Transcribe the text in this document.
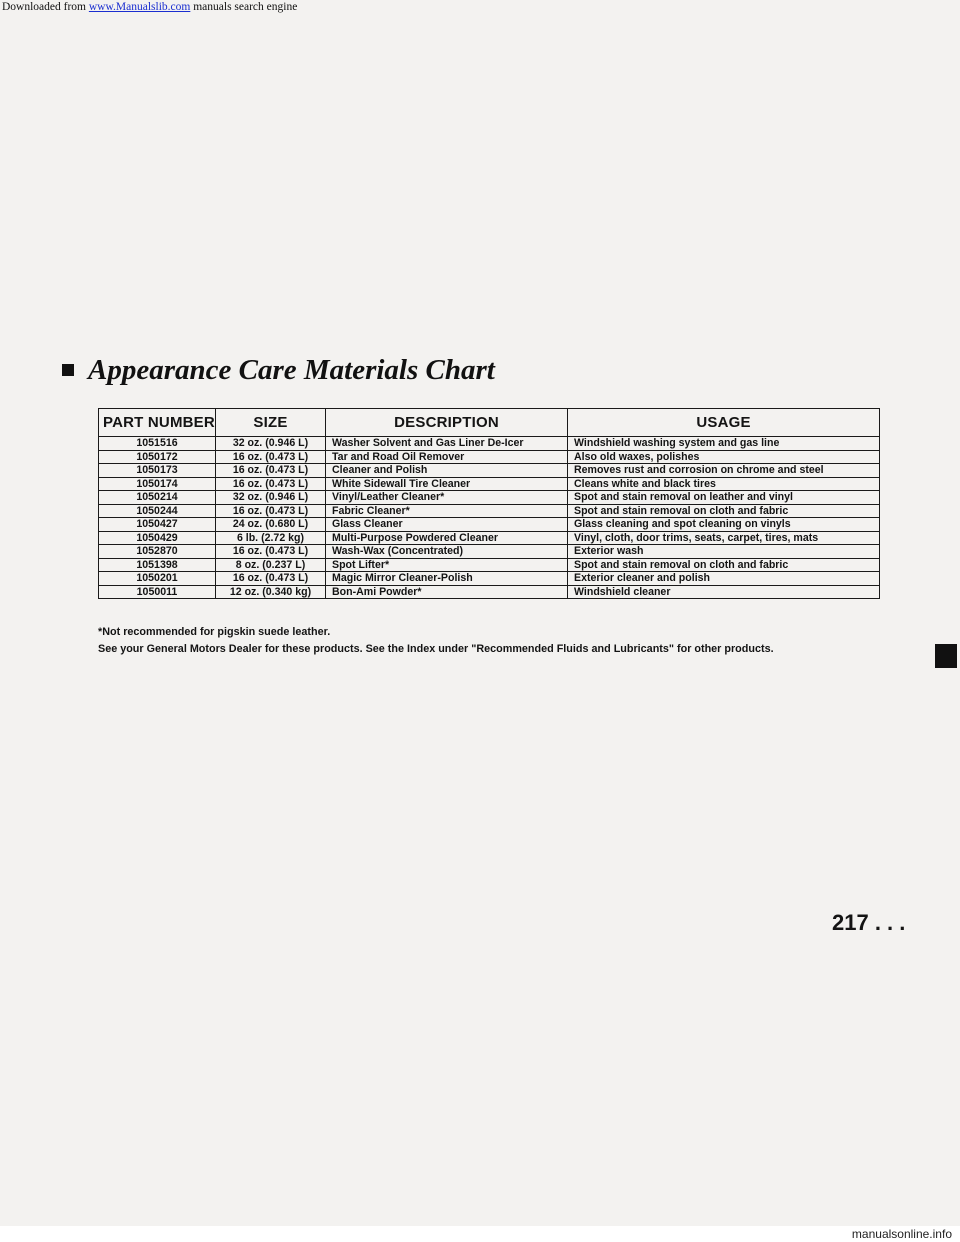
Downloaded from www.Manualslib.com manuals search engine
Appearance Care Materials Chart
PART NUMBER	SIZE	DESCRIPTION	USAGE
1051516	32 oz. (0.946 L)	Washer Solvent and Gas Liner De-Icer	Windshield washing system and gas line
1050172	16 oz. (0.473 L)	Tar and Road Oil Remover	Also old waxes, polishes
1050173	16 oz. (0.473 L)	Cleaner and Polish	Removes rust and corrosion on chrome and steel
1050174	16 oz. (0.473 L)	White Sidewall Tire Cleaner	Cleans white and black tires
1050214	32 oz. (0.946 L)	Vinyl/Leather Cleaner*	Spot and stain removal on leather and vinyl
1050244	16 oz. (0.473 L)	Fabric Cleaner*	Spot and stain removal on cloth and fabric
1050427	24 oz. (0.680 L)	Glass Cleaner	Glass cleaning and spot cleaning on vinyls
1050429	6 lb. (2.72 kg)	Multi-Purpose Powdered Cleaner	Vinyl, cloth, door trims, seats, carpet, tires, mats
1052870	16 oz. (0.473 L)	Wash-Wax (Concentrated)	Exterior wash
1051398	8 oz. (0.237 L)	Spot Lifter*	Spot and stain removal on cloth and fabric
1050201	16 oz. (0.473 L)	Magic Mirror Cleaner-Polish	Exterior cleaner and polish
1050011	12 oz. (0.340 kg)	Bon-Ami Powder*	Windshield cleaner
*Not recommended for pigskin suede leather.
See your General Motors Dealer for these products. See the Index under "Recommended Fluids and Lubricants" for other products.
217 . . .
manualsonline.info
